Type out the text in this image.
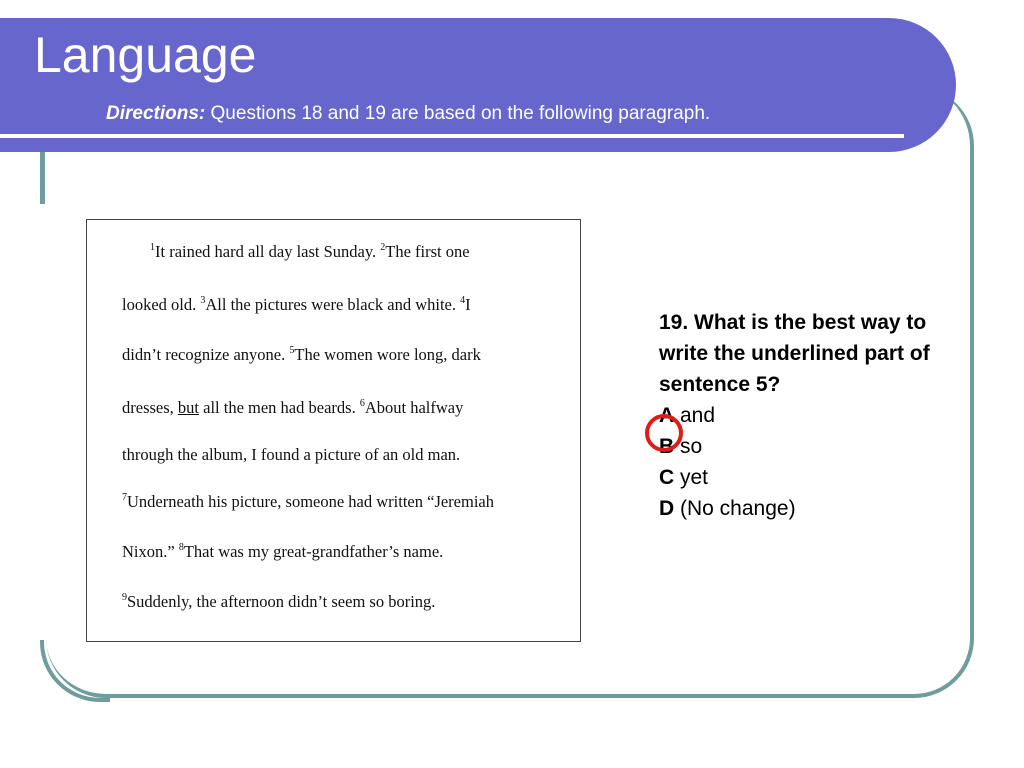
Language
Directions: Questions 18 and 19 are based on the following paragraph.
$^1$It rained hard all day last Sunday. $^2$The first one
looked old. $^3$All the pictures were black and white. $^4$I
didn’t recognize anyone. $^5$The women wore long, dark
dresses, but all the men had beards. $^6$About halfway
through the album, I found a picture of an old man.
$^7$Underneath his picture, someone had written “Jeremiah
Nixon.” $^8$That was my great-grandfather’s name.
$^9$Suddenly, the afternoon didn’t seem so boring.
19. What is the best way to write the underlined part of sentence 5?
A and
B so
C yet
D (No change)
